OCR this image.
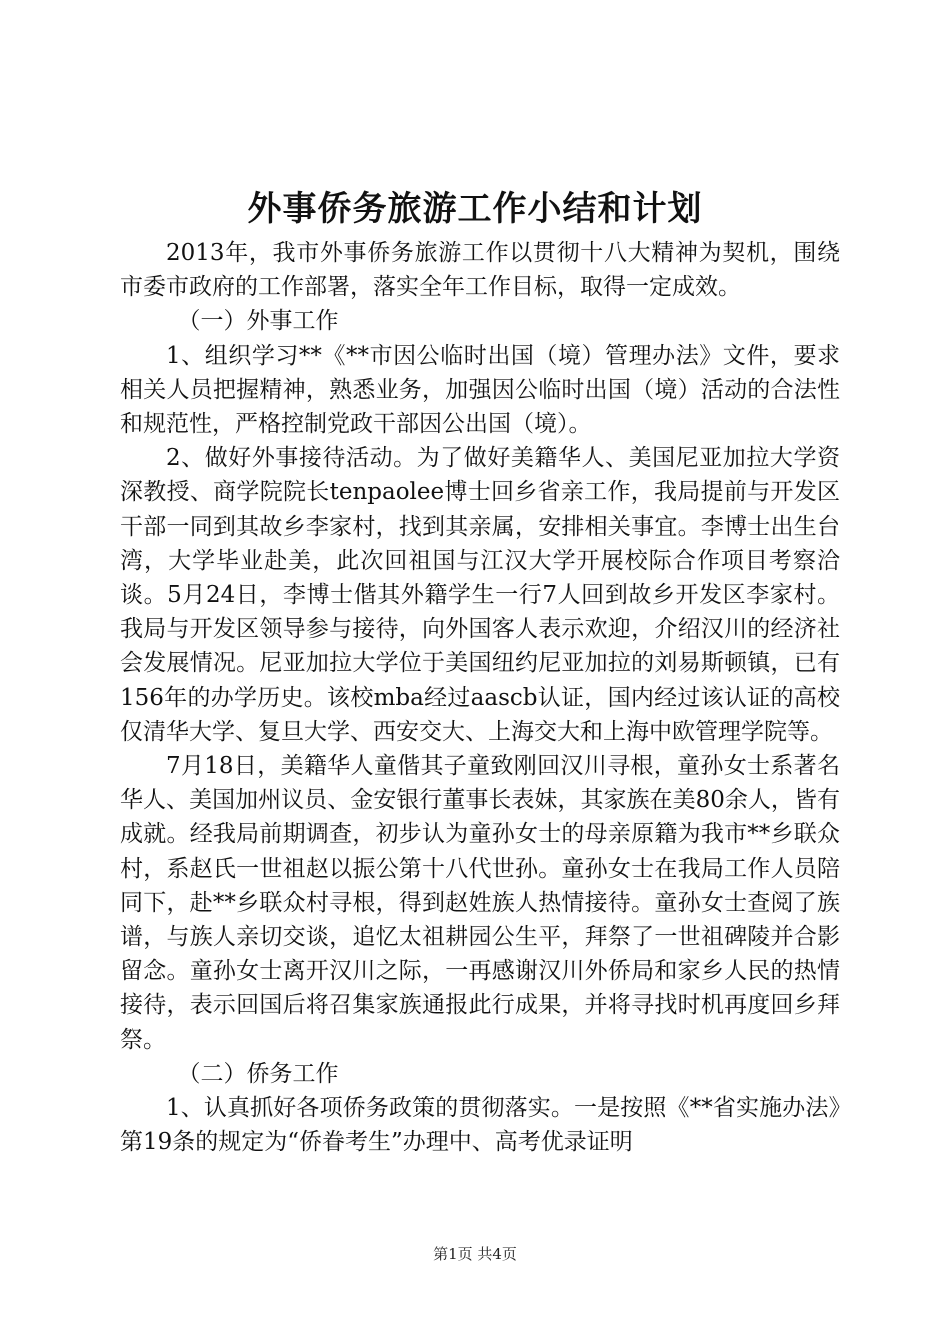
外事侨务旅游工作小结和计划

2013年，我市外事侨务旅游工作以贯彻十八大精神为契机，围绕市委市政府的工作部署，落实全年工作目标，取得一定成效。

（一）外事工作

1、组织学习**《**市因公临时出国（境）管理办法》文件，要求相关人员把握精神，熟悉业务，加强因公临时出国（境）活动的合法性和规范性，严格控制党政干部因公出国（境）。

2、做好外事接待活动。为了做好美籍华人、美国尼亚加拉大学资深教授、商学院院长tenpaolee博士回乡省亲工作，我局提前与开发区干部一同到其故乡李家村，找到其亲属，安排相关事宜。李博士出生台湾，大学毕业赴美，此次回祖国与江汉大学开展校际合作项目考察洽谈。5月24日，李博士偕其外籍学生一行7人回到故乡开发区李家村。我局与开发区领导参与接待，向外国客人表示欢迎，介绍汉川的经济社会发展情况。尼亚加拉大学位于美国纽约尼亚加拉的刘易斯顿镇，已有156年的办学历史。该校mba经过aascb认证，国内经过该认证的高校仅清华大学、复旦大学、西安交大、上海交大和上海中欧管理学院等。

7月18日，美籍华人童偕其子童致刚回汉川寻根，童孙女士系著名华人、美国加州议员、金安银行董事长表妹，其家族在美80余人，皆有成就。经我局前期调查，初步认为童孙女士的母亲原籍为我市**乡联众村，系赵氏一世祖赵以振公第十八代世孙。童孙女士在我局工作人员陪同下，赴**乡联众村寻根，得到赵姓族人热情接待。童孙女士查阅了族谱，与族人亲切交谈，追忆太祖耕园公生平，拜祭了一世祖碑陵并合影留念。童孙女士离开汉川之际，一再感谢汉川外侨局和家乡人民的热情接待，表示回国后将召集家族通报此行成果，并将寻找时机再度回乡拜祭。

（二）侨务工作

1、认真抓好各项侨务政策的贯彻落实。一是按照《**省实施办法》第19条的规定为“侨眷考生”办理中、高考优录证明

第1页 共4页
